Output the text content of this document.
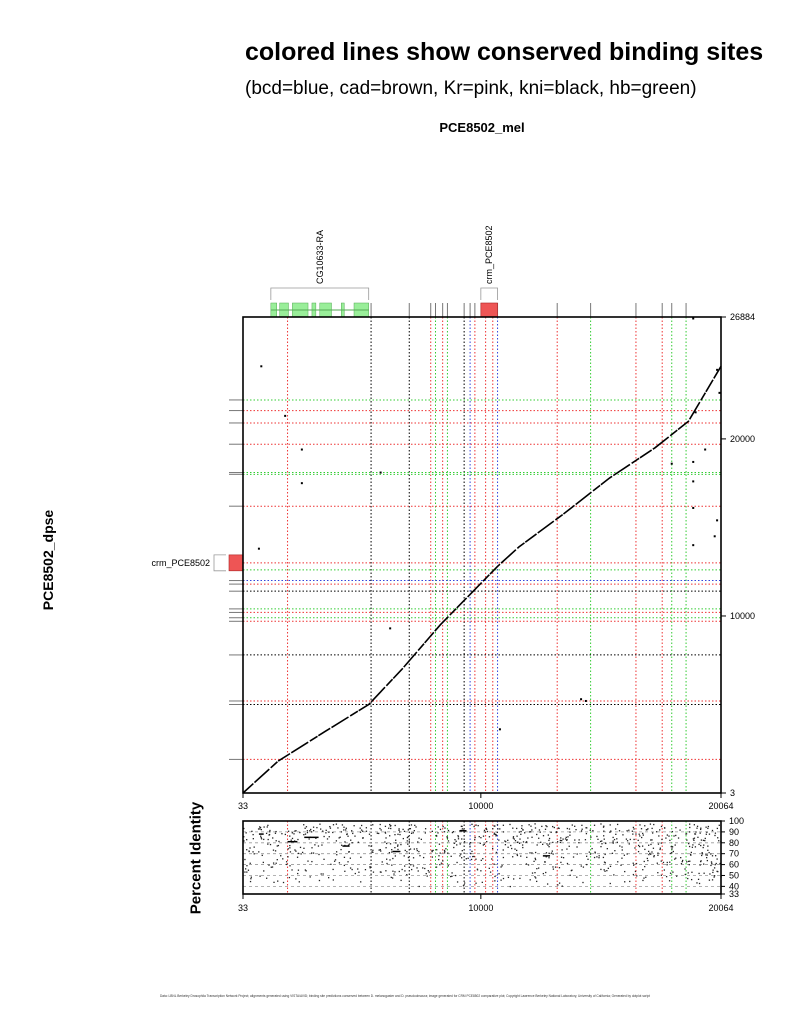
colored lines show conserved binding sites
(bcd=blue, cad=brown, Kr=pink, kni=black, hb=green)
PCE8502_mel
PCE8502_dpse
Percent Identity
Data: LBNL Berkeley Drosophila Transcription Network Project; alignments generated using VISTA/AVID; binding site predictions conserved between D. melanogaster and D. pseudoobscura; image generated for CRM PCE8502 comparative plot; Copyright Lawrence Berkeley National Laboratory, University of California; Generated by dotplot script
CG10633-RA	crm_PCE8502
crm_PCE8502
33	10000	20064
3
10000
20000
26884
100
90
80
70
60
50
40
33
33	10000	20064
